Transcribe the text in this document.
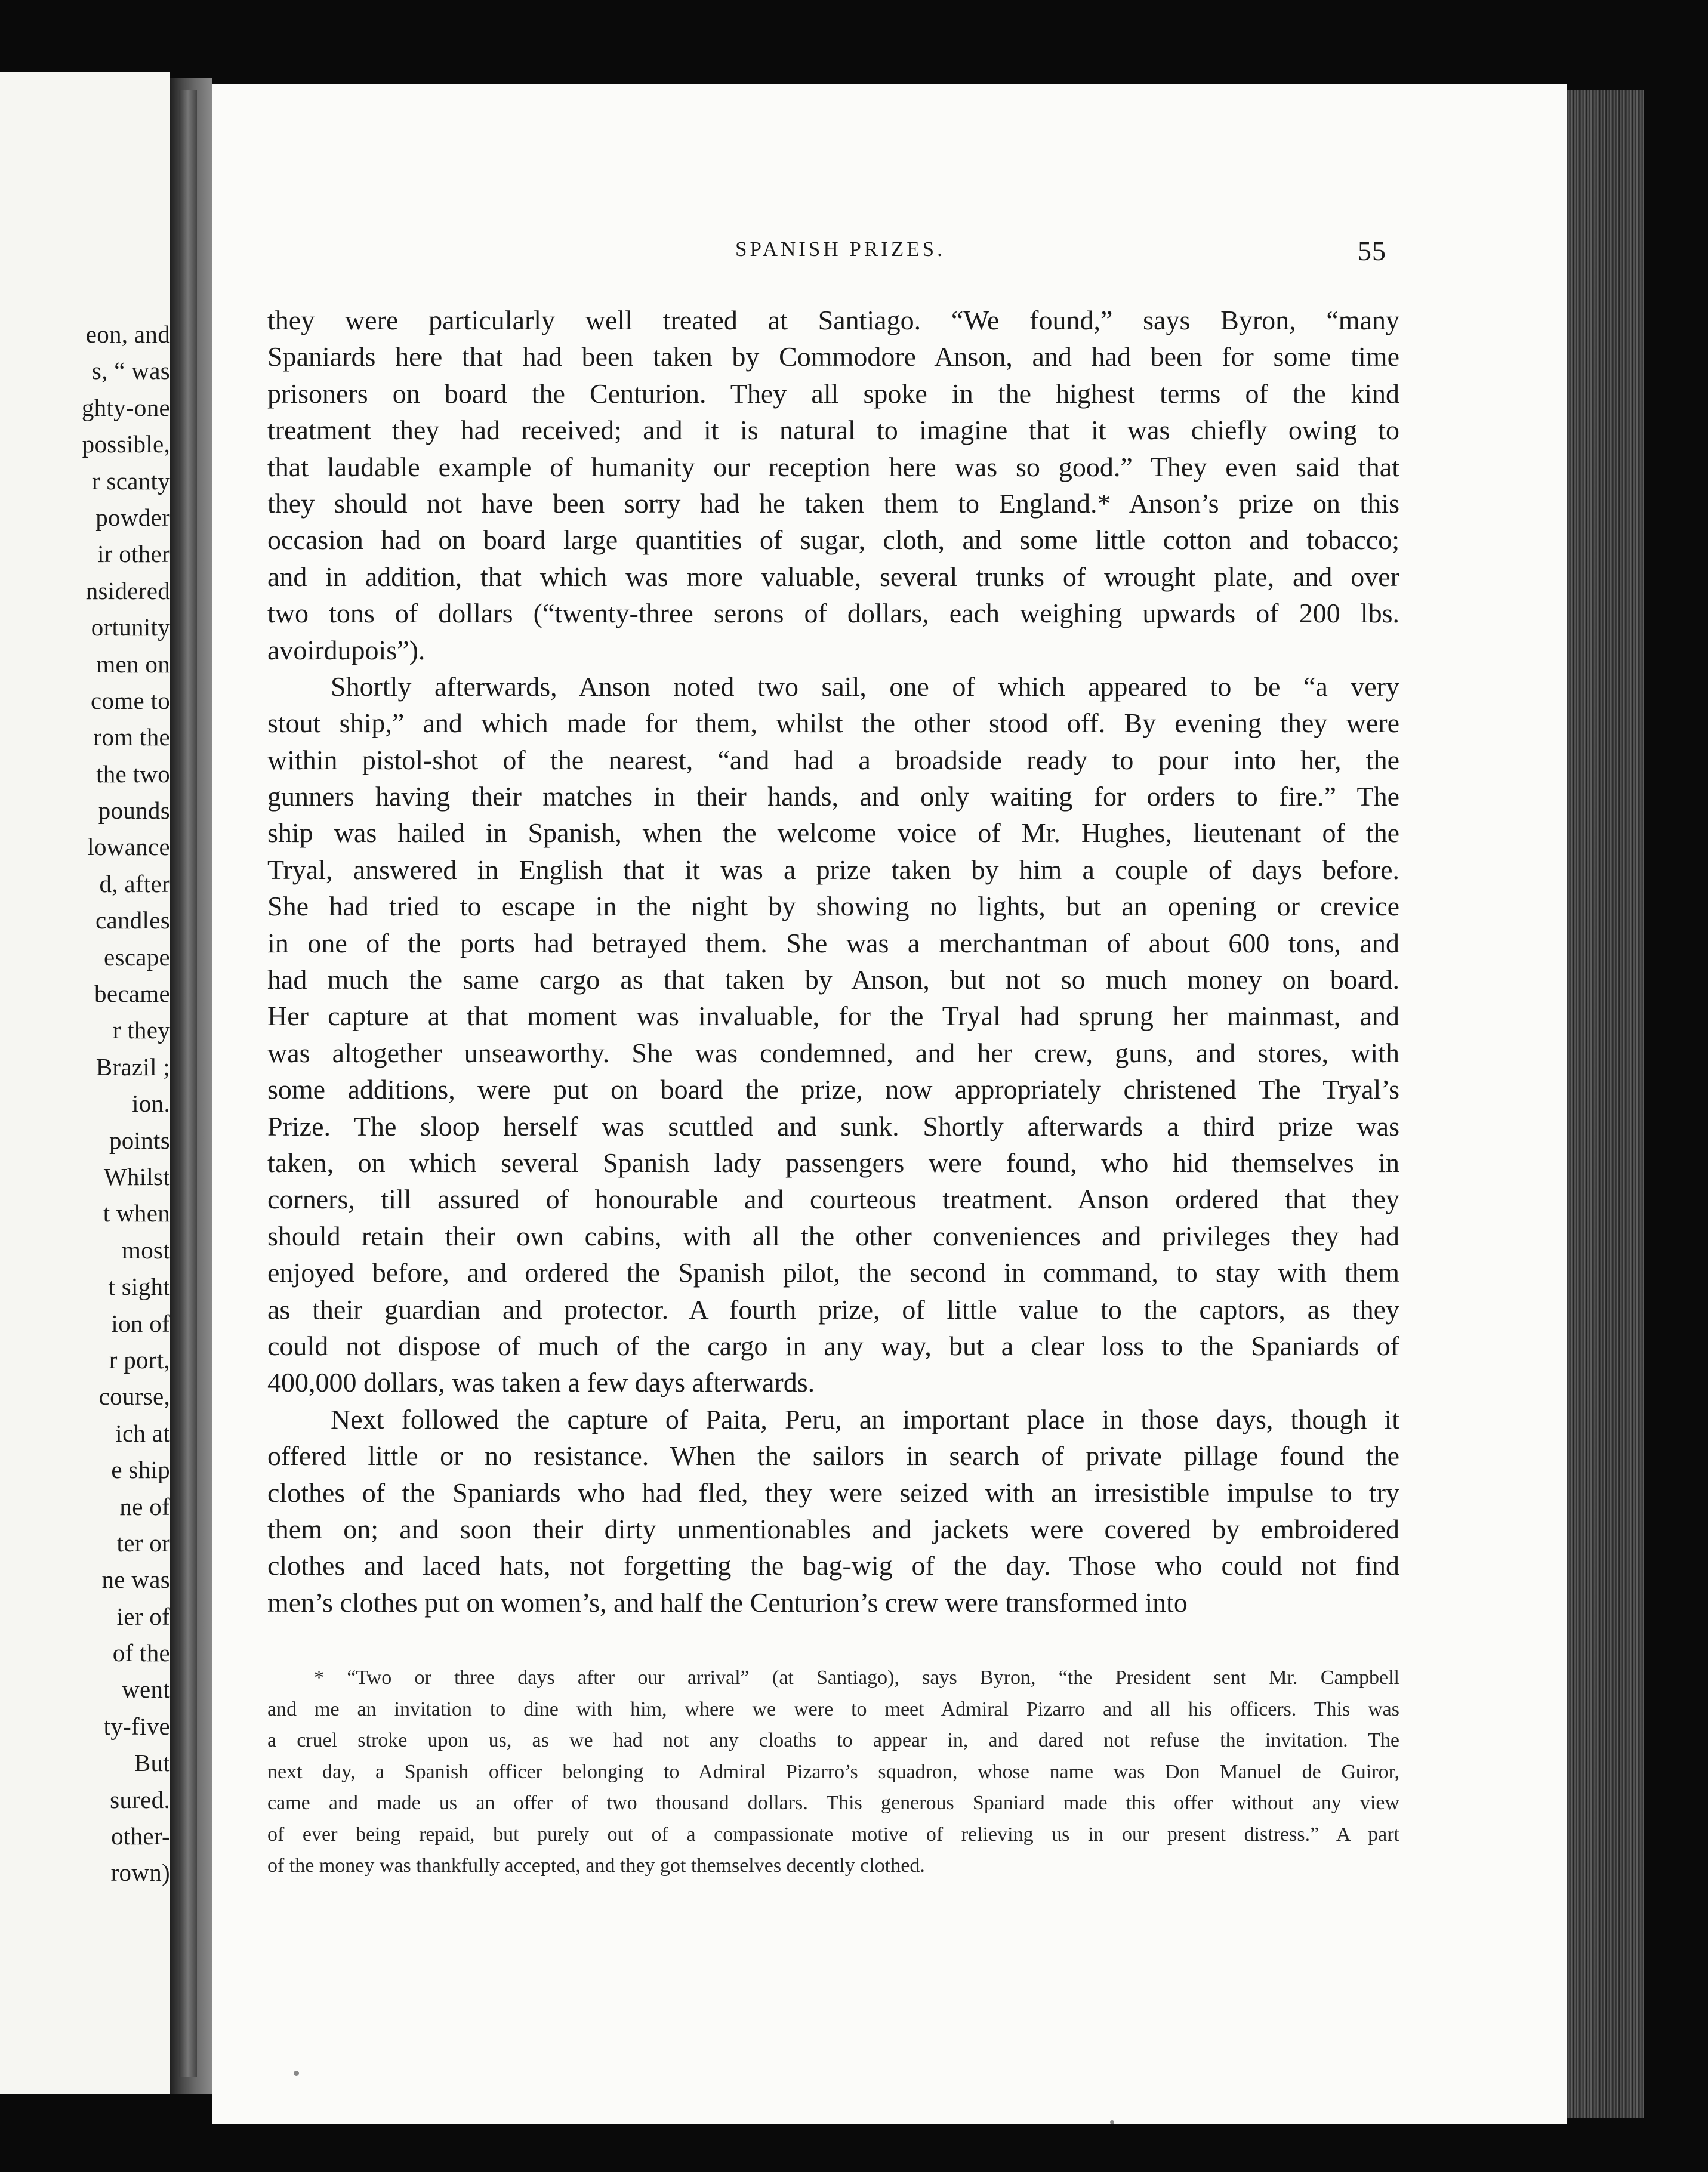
eon, and
s, “ was
ghty-one
possible,
r scanty
powder
ir other
nsidered
ortunity
men on
come to
rom the
the two
pounds
lowance
d, after
candles
escape
became
r they
Brazil ;
ion.
points
Whilst
t when
most
t sight
ion of
r port,
course,
ich at
e ship
ne of
ter or
ne was
ier of
of the
went
ty-five
But
sured.
other-
rown)
SPANISH PRIZES.	55
they were particularly well treated at Santiago. “We found,” says Byron, “many
Spaniards here that had been taken by Commodore Anson, and had been for some time
prisoners on board the Centurion. They all spoke in the highest terms of the kind
treatment they had received; and it is natural to imagine that it was chiefly owing to
that laudable example of humanity our reception here was so good.” They even said that
they should not have been sorry had he taken them to England.* Anson’s prize on this
occasion had on board large quantities of sugar, cloth, and some little cotton and tobacco;
and in addition, that which was more valuable, several trunks of wrought plate, and over
two tons of dollars (“twenty-three serons of dollars, each weighing upwards of 200 lbs.
avoirdupois”).
Shortly afterwards, Anson noted two sail, one of which appeared to be “a very
stout ship,” and which made for them, whilst the other stood off. By evening they were
within pistol-shot of the nearest, “and had a broadside ready to pour into her, the
gunners having their matches in their hands, and only waiting for orders to fire.” The
ship was hailed in Spanish, when the welcome voice of Mr. Hughes, lieutenant of the
Tryal, answered in English that it was a prize taken by him a couple of days before.
She had tried to escape in the night by showing no lights, but an opening or crevice
in one of the ports had betrayed them. She was a merchantman of about 600 tons, and
had much the same cargo as that taken by Anson, but not so much money on board.
Her capture at that moment was invaluable, for the Tryal had sprung her mainmast, and
was altogether unseaworthy. She was condemned, and her crew, guns, and stores, with
some additions, were put on board the prize, now appropriately christened The Tryal’s
Prize. The sloop herself was scuttled and sunk. Shortly afterwards a third prize was
taken, on which several Spanish lady passengers were found, who hid themselves in
corners, till assured of honourable and courteous treatment. Anson ordered that they
should retain their own cabins, with all the other conveniences and privileges they had
enjoyed before, and ordered the Spanish pilot, the second in command, to stay with them
as their guardian and protector. A fourth prize, of little value to the captors, as they
could not dispose of much of the cargo in any way, but a clear loss to the Spaniards of
400,000 dollars, was taken a few days afterwards.
Next followed the capture of Paita, Peru, an important place in those days, though it
offered little or no resistance. When the sailors in search of private pillage found the
clothes of the Spaniards who had fled, they were seized with an irresistible impulse to try
them on; and soon their dirty unmentionables and jackets were covered by embroidered
clothes and laced hats, not forgetting the bag-wig of the day. Those who could not find
men’s clothes put on women’s, and half the Centurion’s crew were transformed into
* “Two or three days after our arrival” (at Santiago), says Byron, “the President sent Mr. Campbell
and me an invitation to dine with him, where we were to meet Admiral Pizarro and all his officers. This was
a cruel stroke upon us, as we had not any cloaths to appear in, and dared not refuse the invitation. The
next day, a Spanish officer belonging to Admiral Pizarro’s squadron, whose name was Don Manuel de Guiror,
came and made us an offer of two thousand dollars. This generous Spaniard made this offer without any view
of ever being repaid, but purely out of a compassionate motive of relieving us in our present distress.” A part
of the money was thankfully accepted, and they got themselves decently clothed.
